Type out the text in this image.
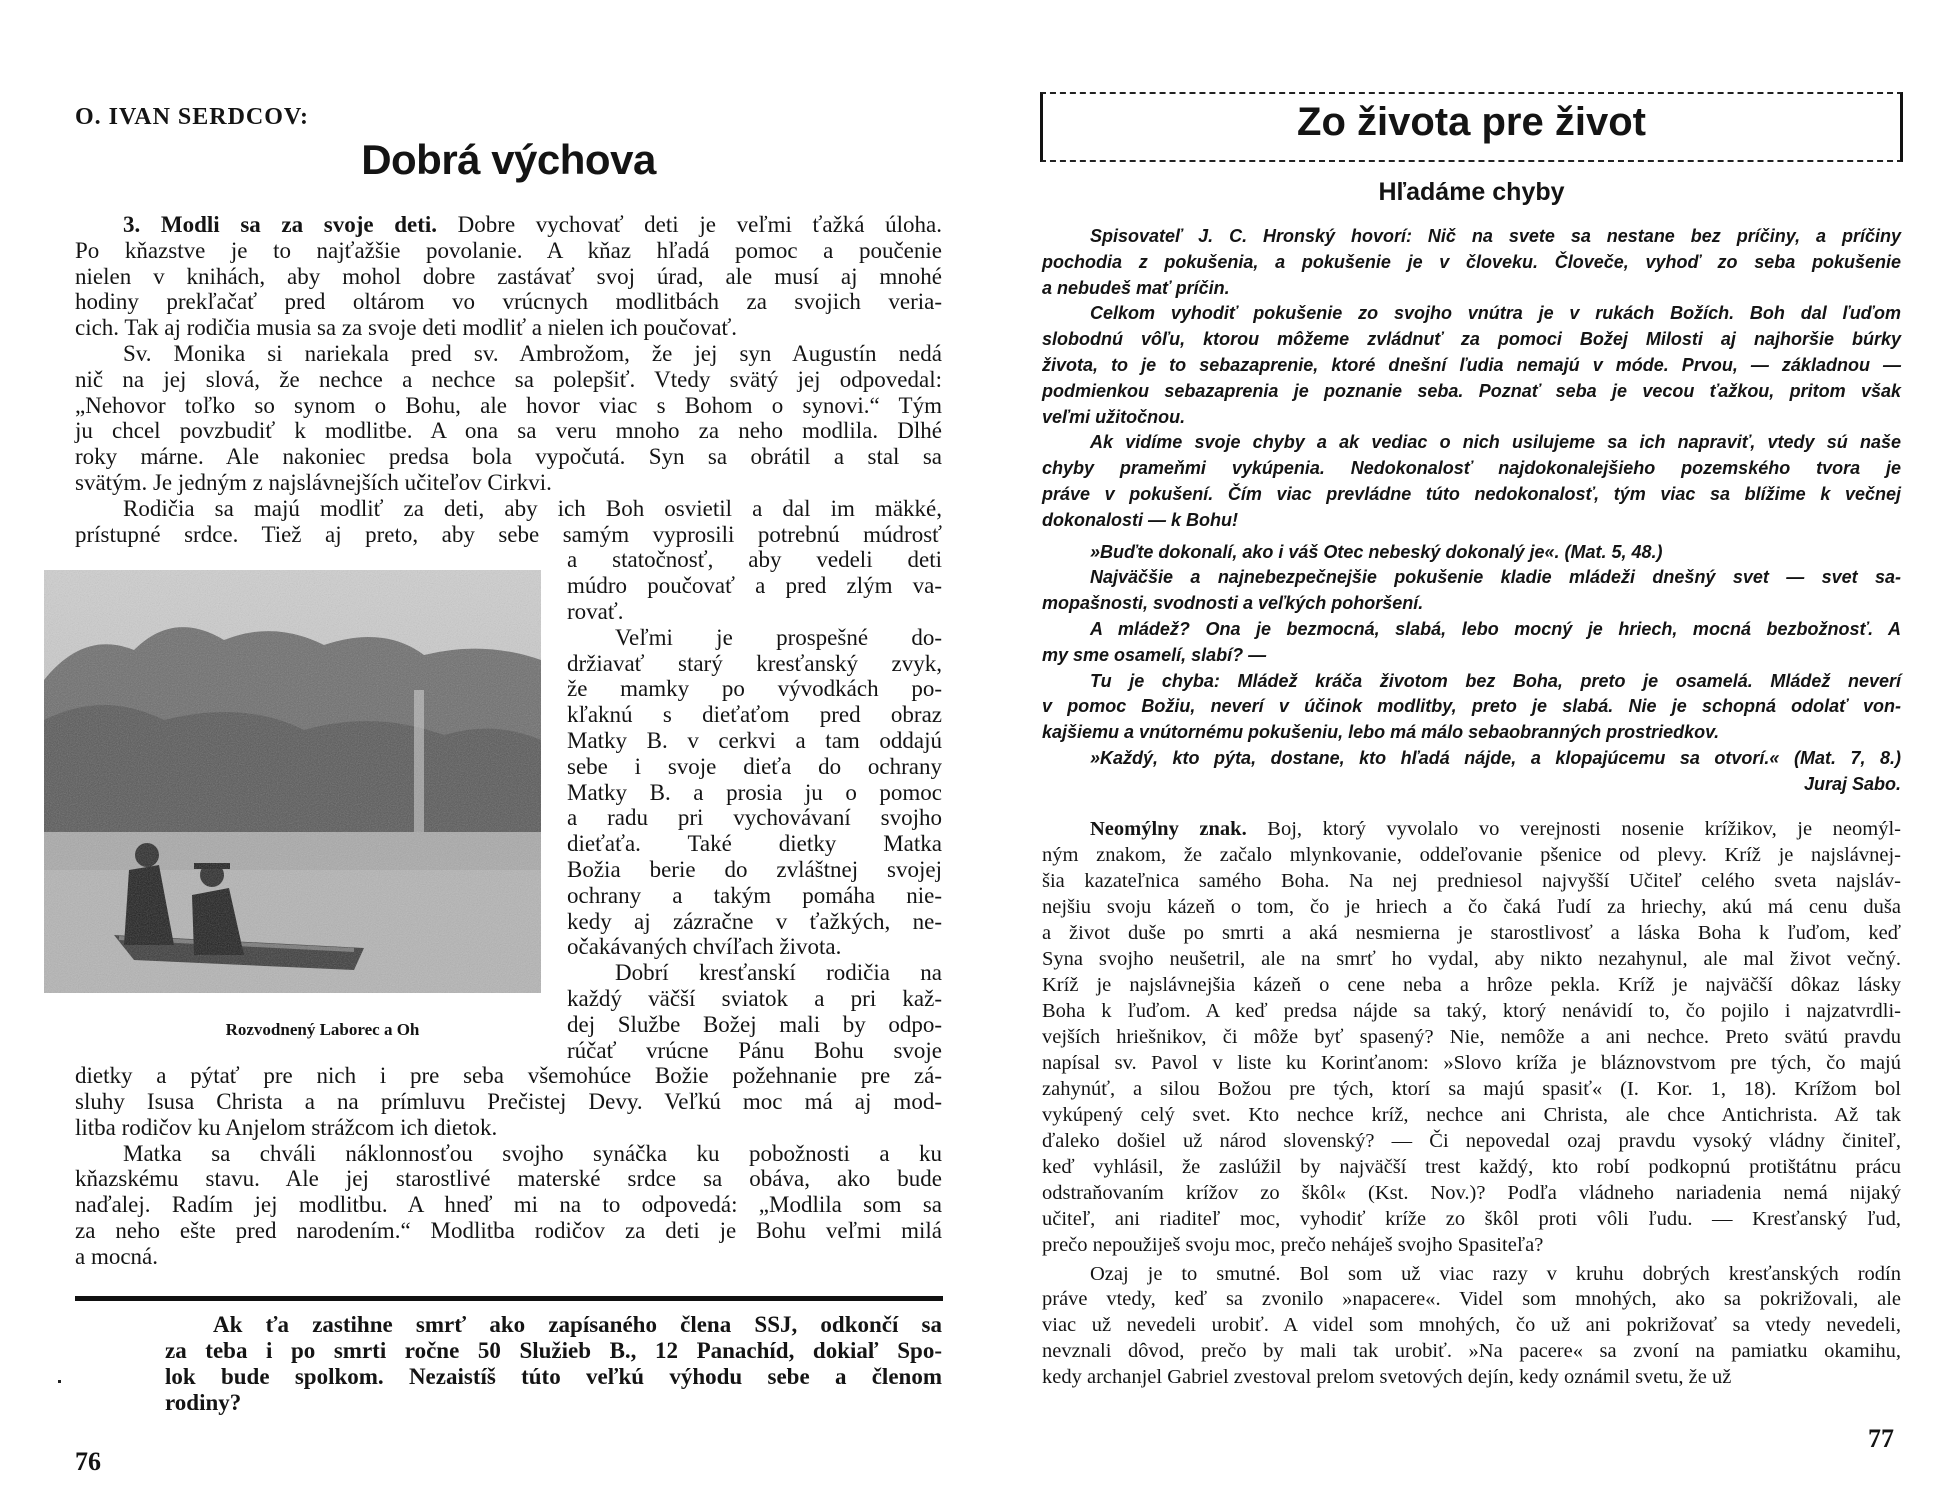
O. IVAN SERDCOV:
Dobrá výchova
3. Modli sa za svoje deti. Dobre vychovať deti je veľmi ťažká úloha.
Po kňazstve je to najťažšie povolanie. A kňaz hľadá pomoc a poučenie
nielen v knihách, aby mohol dobre zastávať svoj úrad, ale musí aj mnohé
hodiny prekľačať pred oltárom vo vrúcnych modlitbách za svojich veria-
cich. Tak aj rodičia musia sa za svoje deti modliť a nielen ich poučovať.
Sv. Monika si nariekala pred sv. Ambrožom, že jej syn Augustín nedá
nič na jej slová, že nechce a nechce sa polepšiť. Vtedy svätý jej odpovedal:
„Nehovor toľko so synom o Bohu, ale hovor viac s Bohom o synovi.“ Tým
ju chcel povzbudiť k modlitbe. A ona sa veru mnoho za neho modlila. Dlhé
roky márne. Ale nakoniec predsa bola vypočutá. Syn sa obrátil a stal sa
svätým. Je jedným z najslávnejších učiteľov Cirkvi.
Rodičia sa majú modliť za deti, aby ich Boh osvietil a dal im mäkké,
prístupné srdce. Tiež aj preto, aby sebe samým vyprosili potrebnú múdrosť
a statočnosť, aby vedeli deti
múdro poučovať a pred zlým va-
rovať.
Veľmi je prospešné do-
držiavať starý kresťanský zvyk,
že mamky po vývodkách po-
kľaknú s dieťaťom pred obraz
Matky B. v cerkvi a tam oddajú
sebe i svoje dieťa do ochrany
Matky B. a prosia ju o pomoc
a radu pri vychovávaní svojho
dieťaťa. Také dietky Matka
Božia berie do zvláštnej svojej
ochrany a takým pomáha nie-
kedy aj zázračne v ťažkých, ne-
očakávaných chvíľach života.
Dobrí kresťanskí rodičia na
každý väčší sviatok a pri kaž-
dej Službe Božej mali by odpo-
rúčať vrúcne Pánu Bohu svoje
dietky a pýtať pre nich i pre seba všemohúce Božie požehnanie pre zá-
sluhy Isusa Christa a na prímluvu Prečistej Devy. Veľkú moc má aj mod-
litba rodičov ku Anjelom strážcom ich dietok.
Matka sa chváli náklonnosťou svojho synáčka ku pobožnosti a ku
kňazskému stavu. Ale jej starostlivé materské srdce sa obáva, ako bude
naďalej. Radím jej modlitbu. A hneď mi na to odpovedá: „Modlila som sa
za neho ešte pred narodením.“ Modlitba rodičov za deti je Bohu veľmi milá
a mocná.
Rozvodnený Laborec a Oh
Ak ťa zastihne smrť ako zapísaného člena SSJ, odkončí sa
za teba i po smrti ročne 50 Služieb B., 12 Panachíd, dokiaľ Spo-
lok bude spolkom. Nezaistíš túto veľkú výhodu sebe a členom
rodiny?
76
Zo života pre život
Hľadáme chyby
Spisovateľ J. C. Hronský hovorí: Nič na svete sa nestane bez príčiny, a príčiny
pochodia z pokušenia, a pokušenie je v človeku. Človeče, vyhoď zo seba pokušenie
a nebudeš mať príčin.
Celkom vyhodiť pokušenie zo svojho vnútra je v rukách Božích. Boh dal ľuďom
slobodnú vôľu, ktorou môžeme zvládnuť za pomoci Božej Milosti aj najhoršie búrky
života, to je to sebazaprenie, ktoré dnešní ľudia nemajú v móde. Prvou, — základnou —
podmienkou sebazaprenia je poznanie seba. Poznať seba je vecou ťažkou, pritom však
veľmi užitočnou.
Ak vidíme svoje chyby a ak vediac o nich usilujeme sa ich napraviť, vtedy sú naše
chyby prameňmi vykúpenia. Nedokonalosť najdokonalejšieho pozemského tvora je
práve v pokušení. Čím viac prevládne túto nedokonalosť, tým viac sa blížime k večnej
dokonalosti — k Bohu!
»Buďte dokonalí, ako i váš Otec nebeský dokonalý je«. (Mat. 5, 48.)
Najväčšie a najnebezpečnejšie pokušenie kladie mládeži dnešný svet — svet sa-
mopašnosti, svodnosti a veľkých pohoršení.
A mládež? Ona je bezmocná, slabá, lebo mocný je hriech, mocná bezbožnosť. A
my sme osamelí, slabí? —
Tu je chyba: Mládež kráča životom bez Boha, preto je osamelá. Mládež neverí
v pomoc Božiu, neverí v účinok modlitby, preto je slabá. Nie je schopná odolať von-
kajšiemu a vnútornému pokušeniu, lebo má málo sebaobranných prostriedkov.
»Každý, kto pýta, dostane, kto hľadá nájde, a klopajúcemu sa otvorí.« (Mat. 7, 8.)
Juraj Sabo.
Neomýlny znak. Boj, ktorý vyvolalo vo verejnosti nosenie krížikov, je neomýl-
ným znakom, že začalo mlynkovanie, oddeľovanie pšenice od plevy. Kríž je najslávnej-
šia kazateľnica samého Boha. Na nej predniesol najvyšší Učiteľ celého sveta najsláv-
nejšiu svoju kázeň o tom, čo je hriech a čo čaká ľudí za hriechy, akú má cenu duša
a život duše po smrti a aká nesmierna je starostlivosť a láska Boha k ľuďom, keď
Syna svojho neušetril, ale na smrť ho vydal, aby nikto nezahynul, ale mal život večný.
Kríž je najslávnejšia kázeň o cene neba a hrôze pekla. Kríž je najväčší dôkaz lásky
Boha k ľuďom. A keď predsa nájde sa taký, ktorý nenávidí to, čo pojilo i najzatvrdli-
vejších hriešnikov, či môže byť spasený? Nie, nemôže a ani nechce. Preto svätú pravdu
napísal sv. Pavol v liste ku Korinťanom: »Slovo kríža je bláznovstvom pre tých, čo majú
zahynúť, a silou Božou pre tých, ktorí sa majú spasiť« (I. Kor. 1, 18). Krížom bol
vykúpený celý svet. Kto nechce kríž, nechce ani Christa, ale chce Antichrista. Až tak
ďaleko došiel už národ slovenský? — Či nepovedal ozaj pravdu vysoký vládny činiteľ,
keď vyhlásil, že zaslúžil by najväčší trest každý, kto robí podkopnú protištátnu prácu
odstraňovaním krížov zo škôl« (Kst. Nov.)? Podľa vládneho nariadenia nemá nijaký
učiteľ, ani riaditeľ moc, vyhodiť kríže zo škôl proti vôli ľudu. — Kresťanský ľud,
prečo nepoužiješ svoju moc, prečo neháješ svojho Spasiteľa?
Ozaj je to smutné. Bol som už viac razy v kruhu dobrých kresťanských rodín
práve vtedy, keď sa zvonilo »napacere«. Videl som mnohých, ako sa pokrižovali, ale
viac už nevedeli urobiť. A videl som mnohých, čo už ani pokrižovať sa vtedy nevedeli,
nevznali dôvod, prečo by mali tak urobiť. »Na pacere« sa zvoní na pamiatku okamihu,
kedy archanjel Gabriel zvestoval prelom svetových dejín, kedy oznámil svetu, že už
77
